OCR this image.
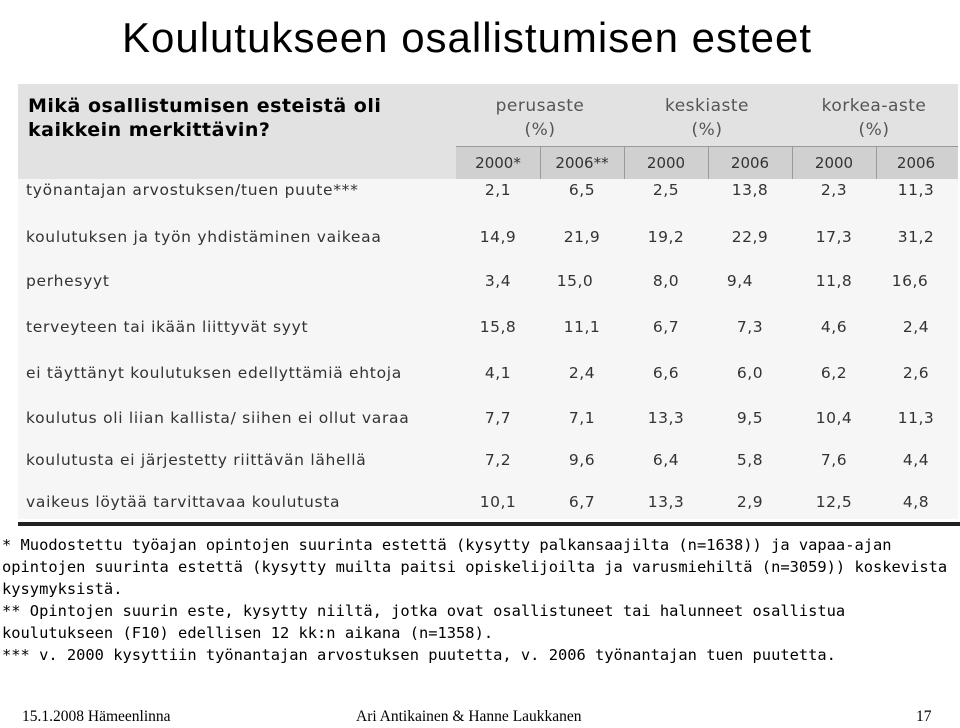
Koulutukseen osallistumisen esteet
Mikä osallistumisen esteistä oli
kaikkein merkittävin?
perusaste
(%)
keskiaste
(%)
korkea-aste
(%)
2000*	2006**	2000	2006	2000	2006
työnantajan arvostuksen/tuen puute***	2,1	6,5	2,5	13,8	2,3	11,3
koulutuksen ja työn yhdistäminen vaikeaa	14,9	21,9	19,2	22,9	17,3	31,2
perhesyyt	3,4	15,0	8,0	9,4	11,8	16,6
terveyteen tai ikään liittyvät syyt	15,8	11,1	6,7	7,3	4,6	2,4
ei täyttänyt koulutuksen edellyttämiä ehtoja	4,1	2,4	6,6	6,0	6,2	2,6
koulutus oli liian kallista/ siihen ei ollut varaa	7,7	7,1	13,3	9,5	10,4	11,3
koulutusta ei järjestetty riittävän lähellä	7,2	9,6	6,4	5,8	7,6	4,4
vaikeus löytää tarvittavaa koulutusta	10,1	6,7	13,3	2,9	12,5	4,8

* Muodostettu työajan opintojen suurinta estettä (kysytty palkansaajilta (n=1638)) ja vapaa-ajan opintojen suurinta estettä (kysytty muilta paitsi opiskelijoilta ja varusmiehiltä (n=3059)) koskevista kysymyksistä.

** Opintojen suurin este, kysytty niiltä, jotka ovat osallistuneet tai halunneet osallistua koulutukseen (F10) edellisen 12 kk:n aikana (n=1358).

*** v. 2000 kysyttiin työnantajan arvostuksen puutetta, v. 2006 työnantajan tuen puutetta.

15.1.2008 Hämeenlinna	Ari Antikainen & Hanne Laukkanen	17
